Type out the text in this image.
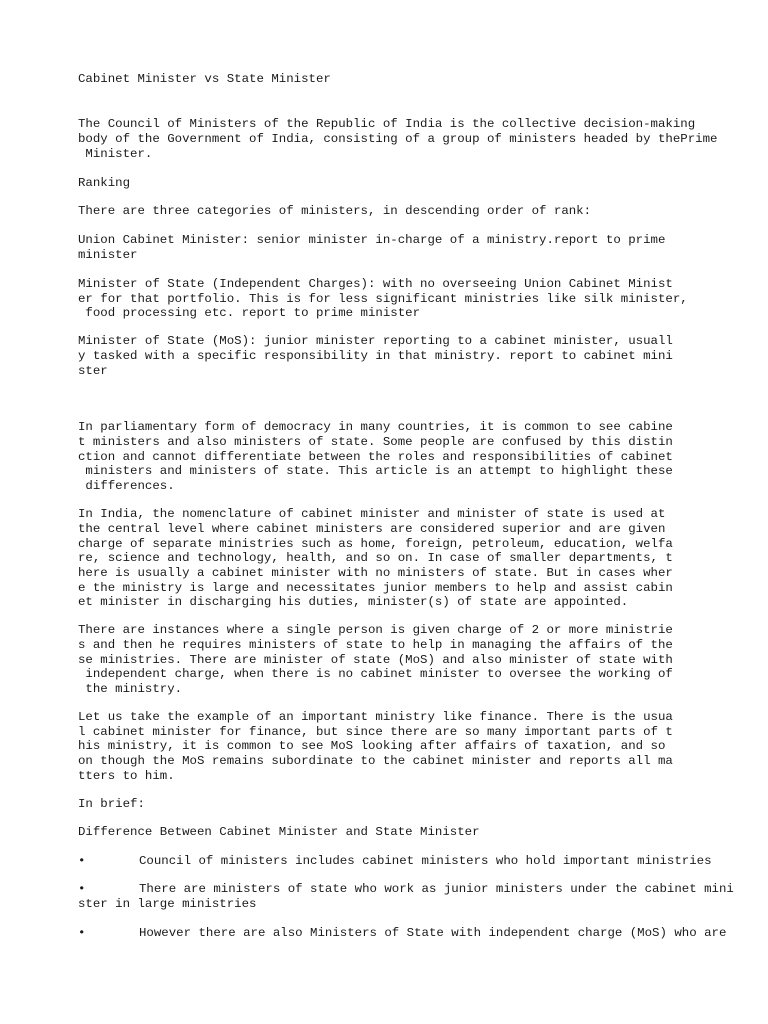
Cabinet Minister vs State Minister
The Council of Ministers of the Republic of India is the collective decision-making
body of the Government of India, consisting of a group of ministers headed by thePrime
Minister.
Ranking
There are three categories of ministers, in descending order of rank:
Union Cabinet Minister: senior minister in-charge of a ministry.report to prime
minister
Minister of State (Independent Charges): with no overseeing Union Cabinet Minist
er for that portfolio. This is for less significant ministries like silk minister,
food processing etc. report to prime minister
Minister of State (MoS): junior minister reporting to a cabinet minister, usuall
y tasked with a specific responsibility in that ministry. report to cabinet mini
ster
In parliamentary form of democracy in many countries, it is common to see cabine
t ministers and also ministers of state. Some people are confused by this distin
ction and cannot differentiate between the roles and responsibilities of cabinet
ministers and ministers of state. This article is an attempt to highlight these
differences.
In India, the nomenclature of cabinet minister and minister of state is used at
the central level where cabinet ministers are considered superior and are given
charge of separate ministries such as home, foreign, petroleum, education, welfa
re, science and technology, health, and so on. In case of smaller departments, t
here is usually a cabinet minister with no ministers of state. But in cases wher
e the ministry is large and necessitates junior members to help and assist cabin
et minister in discharging his duties, minister(s) of state are appointed.
There are instances where a single person is given charge of 2 or more ministrie
s and then he requires ministers of state to help in managing the affairs of the
se ministries. There are minister of state (MoS) and also minister of state with
independent charge, when there is no cabinet minister to oversee the working of
the ministry.
Let us take the example of an important ministry like finance. There is the usua
l cabinet minister for finance, but since there are so many important parts of t
his ministry, it is common to see MoS looking after affairs of taxation, and so
on though the MoS remains subordinate to the cabinet minister and reports all ma
tters to him.
In brief:
Difference Between Cabinet Minister and State Minister
•	Council of ministers includes cabinet ministers who hold important ministries
•	There are ministers of state who work as junior ministers under the cabinet mini
ster in large ministries
•	However there are also Ministers of State with independent charge (MoS) who are
